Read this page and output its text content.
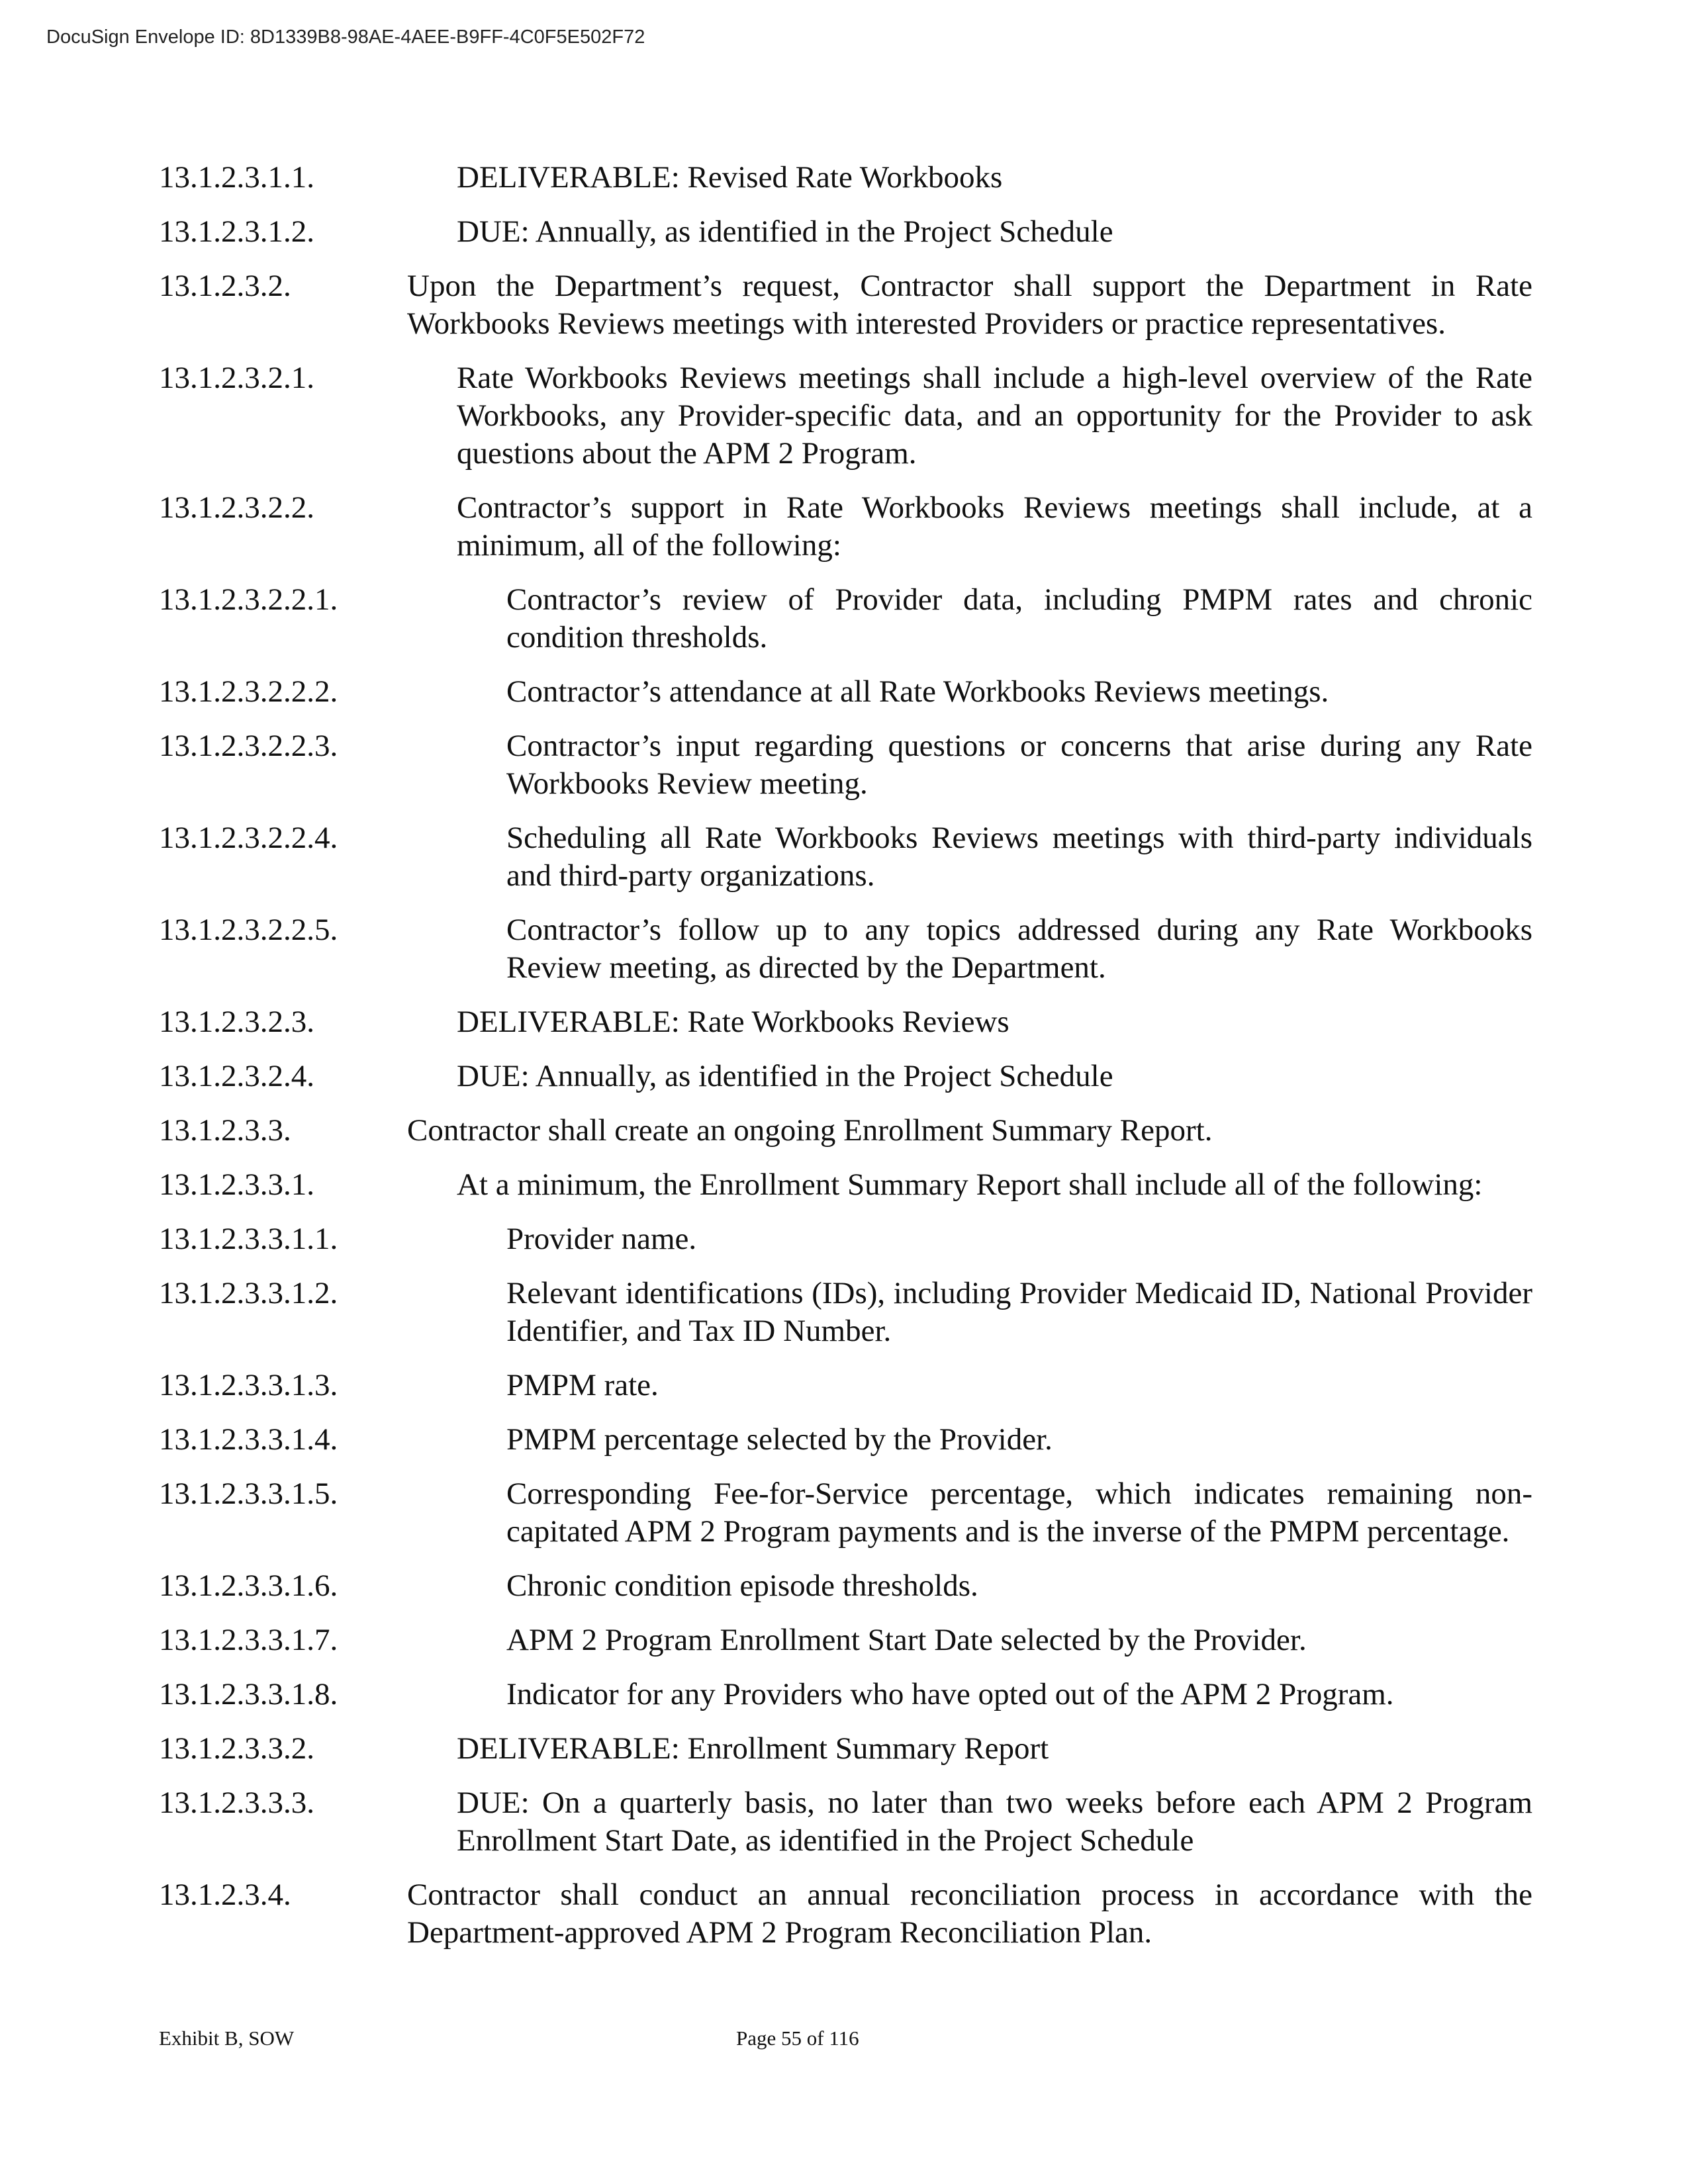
DocuSign Envelope ID: 8D1339B8-98AE-4AEE-B9FF-4C0F5E502F72
13.1.2.3.1.1.	DELIVERABLE: Revised Rate Workbooks
13.1.2.3.1.2.	DUE: Annually, as identified in the Project Schedule
13.1.2.3.2.	Upon the Department’s request, Contractor shall support the Department in Rate Workbooks Reviews meetings with interested Providers or practice representatives.
13.1.2.3.2.1.	Rate Workbooks Reviews meetings shall include a high-level overview of the Rate Workbooks, any Provider-specific data, and an opportunity for the Provider to ask questions about the APM 2 Program.
13.1.2.3.2.2.	Contractor’s support in Rate Workbooks Reviews meetings shall include, at a minimum, all of the following:
13.1.2.3.2.2.1.	Contractor’s review of Provider data, including PMPM rates and chronic condition thresholds.
13.1.2.3.2.2.2.	Contractor’s attendance at all Rate Workbooks Reviews meetings.
13.1.2.3.2.2.3.	Contractor’s input regarding questions or concerns that arise during any Rate Workbooks Review meeting.
13.1.2.3.2.2.4.	Scheduling all Rate Workbooks Reviews meetings with third-party individuals and third-party organizations.
13.1.2.3.2.2.5.	Contractor’s follow up to any topics addressed during any Rate Workbooks Review meeting, as directed by the Department.
13.1.2.3.2.3.	DELIVERABLE: Rate Workbooks Reviews
13.1.2.3.2.4.	DUE: Annually, as identified in the Project Schedule
13.1.2.3.3.	Contractor shall create an ongoing Enrollment Summary Report.
13.1.2.3.3.1.	At a minimum, the Enrollment Summary Report shall include all of the following:
13.1.2.3.3.1.1.	Provider name.
13.1.2.3.3.1.2.	Relevant identifications (IDs), including Provider Medicaid ID, National Provider Identifier, and Tax ID Number.
13.1.2.3.3.1.3.	PMPM rate.
13.1.2.3.3.1.4.	PMPM percentage selected by the Provider.
13.1.2.3.3.1.5.	Corresponding Fee-for-Service percentage, which indicates remaining non-capitated APM 2 Program payments and is the inverse of the PMPM percentage.
13.1.2.3.3.1.6.	Chronic condition episode thresholds.
13.1.2.3.3.1.7.	APM 2 Program Enrollment Start Date selected by the Provider.
13.1.2.3.3.1.8.	Indicator for any Providers who have opted out of the APM 2 Program.
13.1.2.3.3.2.	DELIVERABLE: Enrollment Summary Report
13.1.2.3.3.3.	DUE: On a quarterly basis, no later than two weeks before each APM 2 Program Enrollment Start Date, as identified in the Project Schedule
13.1.2.3.4.	Contractor shall conduct an annual reconciliation process in accordance with the Department-approved APM 2 Program Reconciliation Plan.
Exhibit B, SOW	Page 55 of 116
